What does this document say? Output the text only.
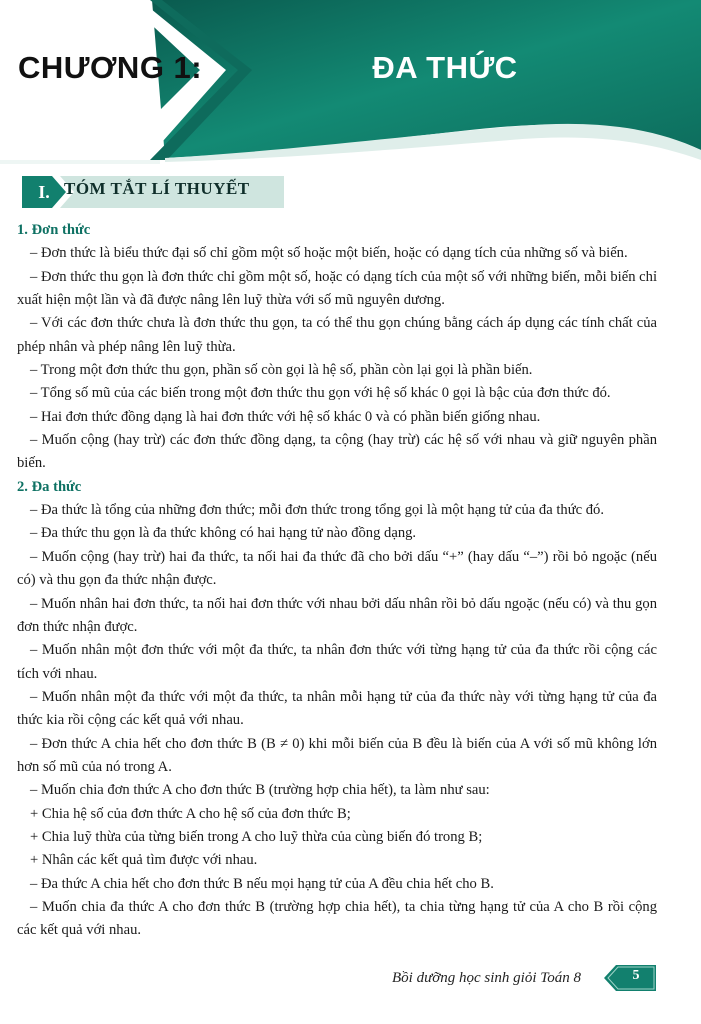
CHƯƠNG 1:	ĐA THỨC
I. TÓM TẮT LÍ THUYẾT

1. Đơn thức

– Đơn thức là biểu thức đại số chỉ gồm một số hoặc một biến, hoặc có dạng tích của những số và biến.

– Đơn thức thu gọn là đơn thức chỉ gồm một số, hoặc có dạng tích của một số với những biến, mỗi biến chỉ xuất hiện một lần và đã được nâng lên luỹ thừa với số mũ nguyên dương.

– Với các đơn thức chưa là đơn thức thu gọn, ta có thể thu gọn chúng bằng cách áp dụng các tính chất của phép nhân và phép nâng lên luỹ thừa.

– Trong một đơn thức thu gọn, phần số còn gọi là hệ số, phần còn lại gọi là phần biến.

– Tổng số mũ của các biến trong một đơn thức thu gọn với hệ số khác 0 gọi là bậc của đơn thức đó.

– Hai đơn thức đồng dạng là hai đơn thức với hệ số khác 0 và có phần biến giống nhau.

– Muốn cộng (hay trừ) các đơn thức đồng dạng, ta cộng (hay trừ) các hệ số với nhau và giữ nguyên phần biến.

2. Đa thức

– Đa thức là tổng của những đơn thức; mỗi đơn thức trong tổng gọi là một hạng tử của đa thức đó.

– Đa thức thu gọn là đa thức không có hai hạng tử nào đồng dạng.

– Muốn cộng (hay trừ) hai đa thức, ta nối hai đa thức đã cho bởi dấu “+” (hay dấu “–”) rồi bỏ ngoặc (nếu có) và thu gọn đa thức nhận được.

– Muốn nhân hai đơn thức, ta nối hai đơn thức với nhau bởi dấu nhân rồi bỏ dấu ngoặc (nếu có) và thu gọn đơn thức nhận được.

– Muốn nhân một đơn thức với một đa thức, ta nhân đơn thức với từng hạng tử của đa thức rồi cộng các tích với nhau.

– Muốn nhân một đa thức với một đa thức, ta nhân mỗi hạng tử của đa thức này với từng hạng tử của đa thức kia rồi cộng các kết quả với nhau.

– Đơn thức A chia hết cho đơn thức B (B ≠ 0) khi mỗi biến của B đều là biến của A với số mũ không lớn hơn số mũ của nó trong A.

– Muốn chia đơn thức A cho đơn thức B (trường hợp chia hết), ta làm như sau:

+ Chia hệ số của đơn thức A cho hệ số của đơn thức B;

+ Chia luỹ thừa của từng biến trong A cho luỹ thừa của cùng biến đó trong B;

+ Nhân các kết quả tìm được với nhau.

– Đa thức A chia hết cho đơn thức B nếu mọi hạng tử của A đều chia hết cho B.

– Muốn chia đa thức A cho đơn thức B (trường hợp chia hết), ta chia từng hạng tử của A cho B rồi cộng các kết quả với nhau.

Bồi dưỡng học sinh giỏi Toán 8	5
